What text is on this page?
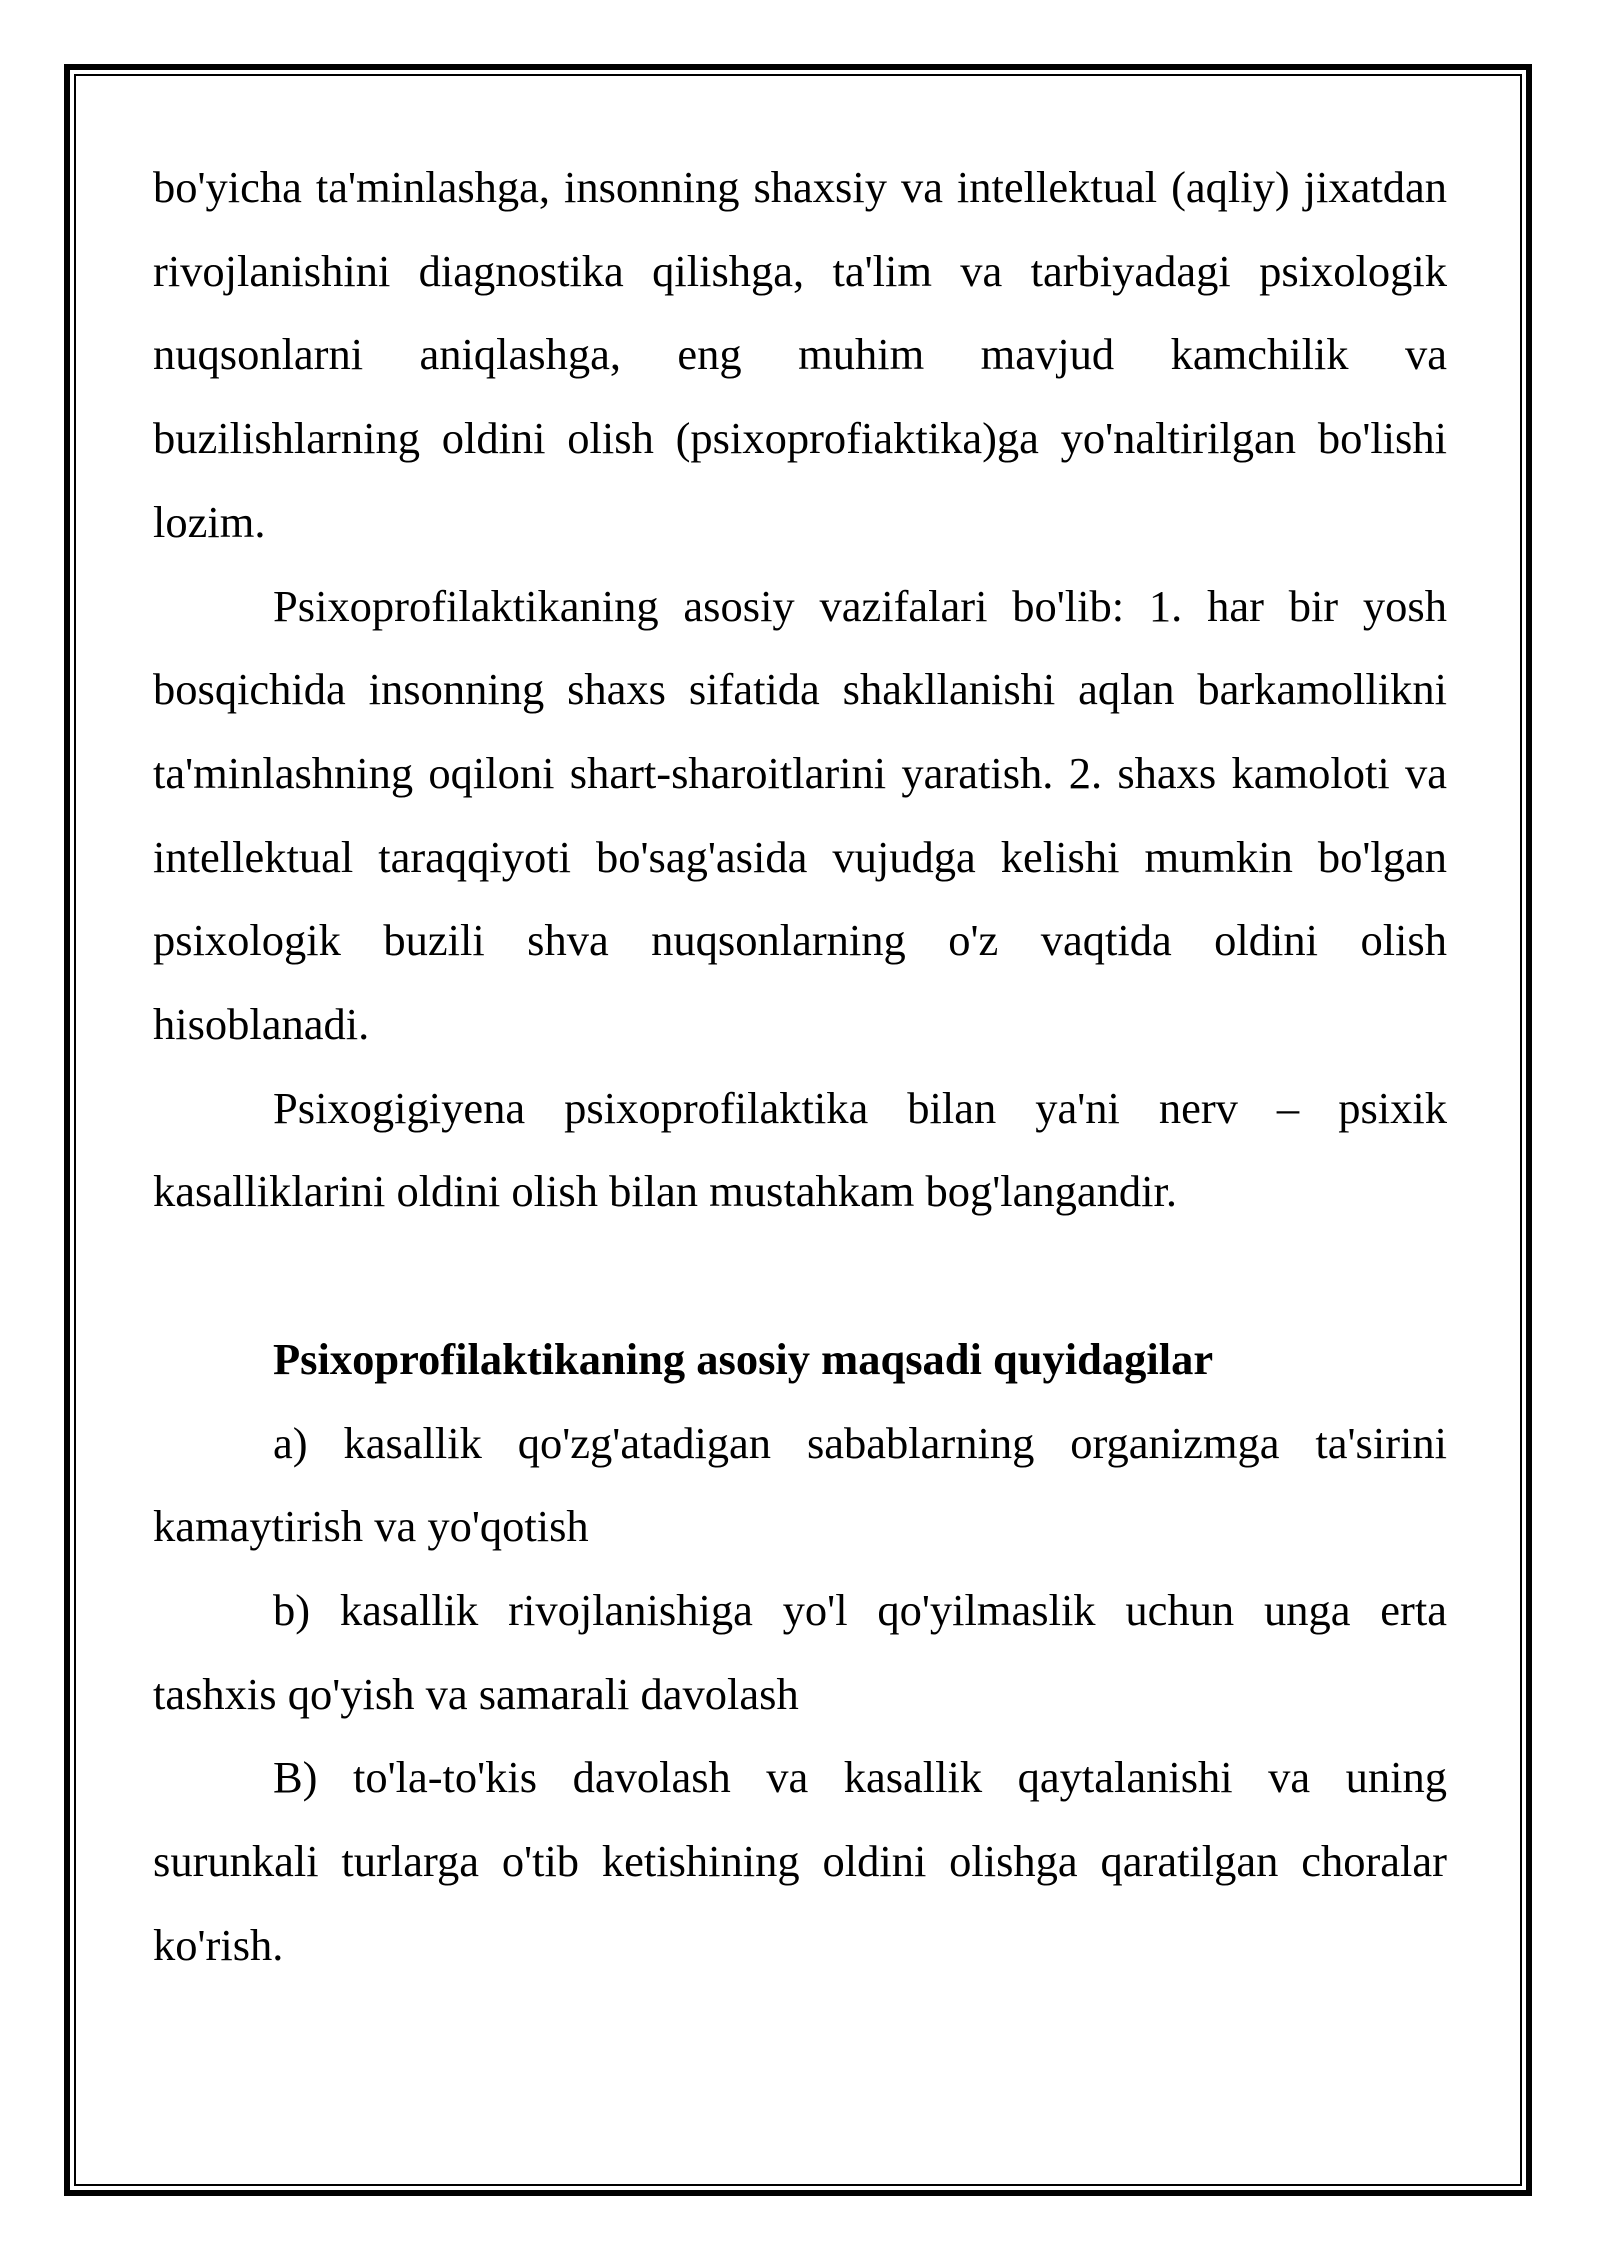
bo'yicha ta'minlashga, insonning shaxsiy va intellektual (aqliy) jixatdan rivojlanishini diagnostika qilishga, ta'lim va tarbiyadagi psixologik nuqsonlarni aniqlashga, eng muhim mavjud kamchilik va buzilishlarning oldini olish (psixoprofiaktika)ga yo'naltirilgan bo'lishi lozim.

Psixoprofilaktikaning asosiy vazifalari bo'lib: 1. har bir yosh bosqichida insonning shaxs sifatida shakllanishi aqlan barkamollikni ta'minlashning oqiloni shart-sharoitlarini yaratish. 2. shaxs kamoloti va intellektual taraqqiyoti bo'sag'asida vujudga kelishi mumkin bo'lgan psixologik buzili shva nuqsonlarning o'z vaqtida oldini olish hisoblanadi.

Psixogigiyena psixoprofilaktika bilan ya'ni nerv – psixik kasalliklarini oldini olish bilan mustahkam bog'langandir.

Psixoprofilaktikaning asosiy maqsadi quyidagilar

a) kasallik qo'zg'atadigan sabablarning organizmga ta'sirini kamaytirish va yo'qotish

b) kasallik rivojlanishiga yo'l qo'yilmaslik uchun unga erta tashxis qo'yish va samarali davolash

B) to'la-to'kis davolash va kasallik qaytalanishi va uning surunkali turlarga o'tib ketishining oldini olishga qaratilgan choralar ko'rish.
